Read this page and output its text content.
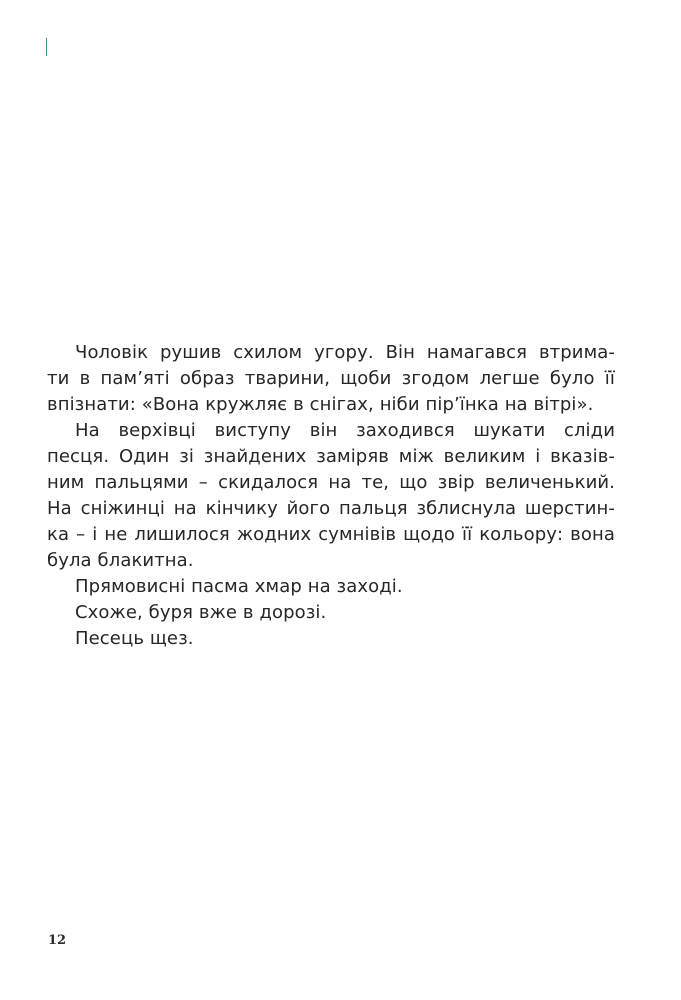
Чоловік рушив схилом угору. Він намагався втрима-
ти в пам’яті образ тварини, щоби згодом легше було її
впізнати: «Вона кружляє в снігах, ніби пір’їнка на вітрі».

На верхівці виступу він заходився шукати сліди
песця. Один зі знайдених заміряв між великим і вказів-
ним пальцями – скидалося на те, що звір величенький.
На сніжинці на кінчику його пальця зблиснула шерстин-
ка – і не лишилося жодних сумнівів щодо її кольору: вона
була блакитна.

Прямовисні пасма хмар на заході.

Схоже, буря вже в дорозі.

Песець щез.

12
